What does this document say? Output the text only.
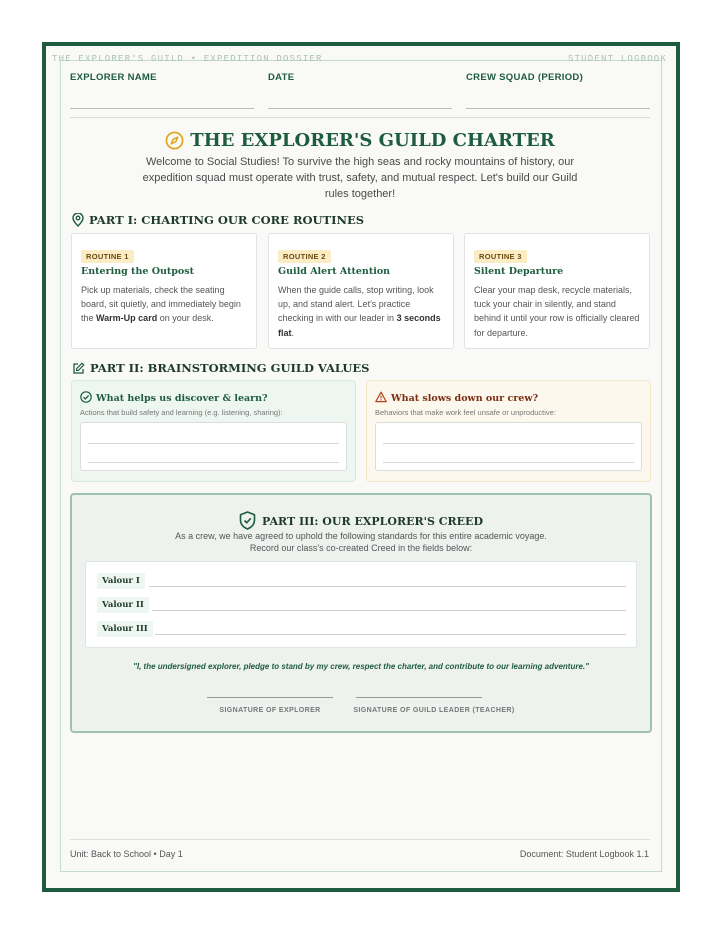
THE EXPLORER'S GUILD • EXPEDITION DOSSIER	STUDENT LOGBOOK
EXPLORER NAME	DATE	CREW SQUAD (PERIOD)
THE EXPLORER'S GUILD CHARTER
Welcome to Social Studies! To survive the high seas and rocky mountains of history, our expedition squad must operate with trust, safety, and mutual respect. Let's build our Guild rules together!
PART I: CHARTING OUR CORE ROUTINES
ROUTINE 1
Entering the Outpost
Pick up materials, check the seating board, sit quietly, and immediately begin the Warm-Up card on your desk.
ROUTINE 2
Guild Alert Attention
When the guide calls, stop writing, look up, and stand alert. Let's practice checking in with our leader in 3 seconds flat.
ROUTINE 3
Silent Departure
Clear your map desk, recycle materials, tuck your chair in silently, and stand behind it until your row is officially cleared for departure.
PART II: BRAINSTORMING GUILD VALUES
What helps us discover & learn?
Actions that build safety and learning (e.g. listening, sharing):
What slows down our crew?
Behaviors that make work feel unsafe or unproductive:
PART III: OUR EXPLORER'S CREED
As a crew, we have agreed to uphold the following standards for this entire academic voyage.
Record our class's co-created Creed in the fields below:
Valour I
Valour II
Valour III
"I, the undersigned explorer, pledge to stand by my crew, respect the charter, and contribute to our learning adventure."
SIGNATURE OF EXPLORER	SIGNATURE OF GUILD LEADER (TEACHER)
Unit: Back to School • Day 1	Document: Student Logbook 1.1
